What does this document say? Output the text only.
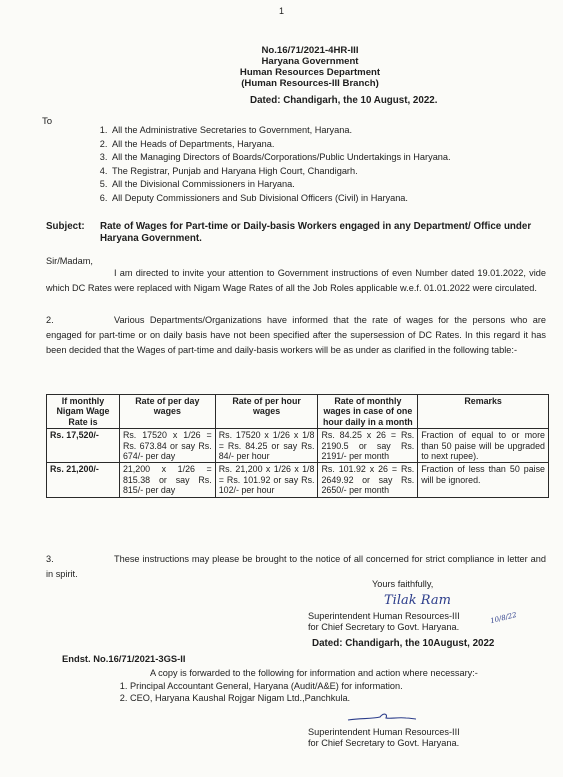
1
No.16/71/2021-4HR-III
Haryana Government
Human Resources Department
(Human Resources-III Branch)
Dated: Chandigarh, the 10 August, 2022.
To
1. All the Administrative Secretaries to Government, Haryana.
2. All the Heads of Departments, Haryana.
3. All the Managing Directors of Boards/Corporations/Public Undertakings in Haryana.
4. The Registrar, Punjab and Haryana High Court, Chandigarh.
5. All the Divisional Commissioners in Haryana.
6. All Deputy Commissioners and Sub Divisional Officers (Civil) in Haryana.
Subject: Rate of Wages for Part-time or Daily-basis Workers engaged in any Department/ Office under Haryana Government.
Sir/Madam,
I am directed to invite your attention to Government instructions of even Number dated 19.01.2022, vide which DC Rates were replaced with Nigam Wage Rates of all the Job Roles applicable w.e.f. 01.01.2022 were circulated.
2.	Various Departments/Organizations have informed that the rate of wages for the persons who are engaged for part-time or on daily basis have not been specified after the supersession of DC Rates. In this regard it has been decided that the Wages of part-time and daily-basis workers will be as under as clarified in the following table:-
If monthly Nigam Wage Rate is	Rate of per day wages	Rate of per hour wages	Rate of monthly wages in case of one hour daily in a month	Remarks
Rs. 17,520/-	Rs. 17520 x 1/26 = Rs. 673.84 or say Rs. 674/- per day	Rs. 17520 x 1/26 x 1/8 = Rs. 84.25 or say Rs. 84/- per hour	Rs. 84.25 x 26 = Rs. 2190.5 or say Rs. 2191/- per month	Fraction of equal to or more than 50 paise will be upgraded to next rupee).
Rs. 21,200/-	21,200 x 1/26 = 815.38 or say Rs. 815/- per day	Rs. 21,200 x 1/26 x 1/8 = Rs. 101.92 or say Rs. 102/- per hour	Rs. 101.92 x 26 = Rs. 2649.92 or say Rs. 2650/- per month	Fraction of less than 50 paise will be ignored.
3.	These instructions may please be brought to the notice of all concerned for strict compliance in letter and in spirit.
Yours faithfully,
Tilak Ram
10/8/22
Superintendent Human Resources-III
for Chief Secretary to Govt. Haryana.
Dated: Chandigarh, the 10August, 2022
Endst. No.16/71/2021-3GS-II
A copy is forwarded to the following for information and action where necessary:-
1. Principal Accountant General, Haryana (Audit/A&E) for information.
2. CEO, Haryana Kaushal Rojgar Nigam Ltd.,Panchkula.
Superintendent Human Resources-III
for Chief Secretary to Govt. Haryana.
